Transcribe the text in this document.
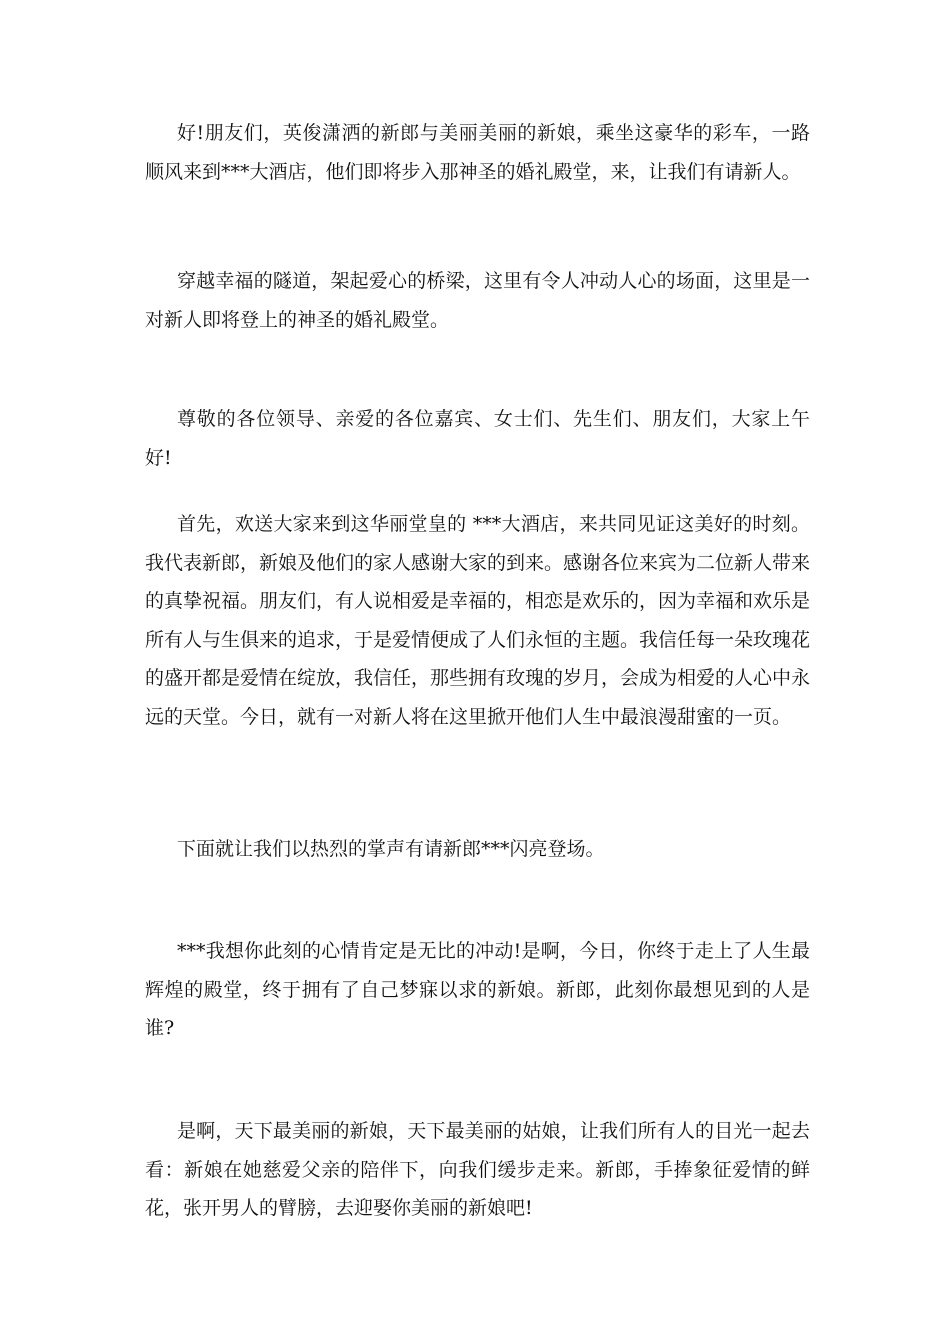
好!朋友们，英俊潇洒的新郎与美丽美丽的新娘，乘坐这豪华的彩车，一路顺风来到***大酒店，他们即将步入那神圣的婚礼殿堂，来，让我们有请新人。

穿越幸福的隧道，架起爱心的桥梁，这里有令人冲动人心的场面，这里是一对新人即将登上的神圣的婚礼殿堂。

尊敬的各位领导、亲爱的各位嘉宾、女士们、先生们、朋友们，大家上午好!

首先，欢送大家来到这华丽堂皇的 ***大酒店，来共同见证这美好的时刻。我代表新郎，新娘及他们的家人感谢大家的到来。感谢各位来宾为二位新人带来的真挚祝福。朋友们，有人说相爱是幸福的，相恋是欢乐的，因为幸福和欢乐是所有人与生俱来的追求，于是爱情便成了人们永恒的主题。我信任每一朵玫瑰花的盛开都是爱情在绽放，我信任，那些拥有玫瑰的岁月，会成为相爱的人心中永远的天堂。今日，就有一对新人将在这里掀开他们人生中最浪漫甜蜜的一页。

下面就让我们以热烈的掌声有请新郎***闪亮登场。

***我想你此刻的心情肯定是无比的冲动!是啊，今日，你终于走上了人生最辉煌的殿堂，终于拥有了自己梦寐以求的新娘。新郎，此刻你最想见到的人是谁?

是啊，天下最美丽的新娘，天下最美丽的姑娘，让我们所有人的目光一起去看：新娘在她慈爱父亲的陪伴下，向我们缓步走来。新郎，手捧象征爱情的鲜花，张开男人的臂膀，去迎娶你美丽的新娘吧!
